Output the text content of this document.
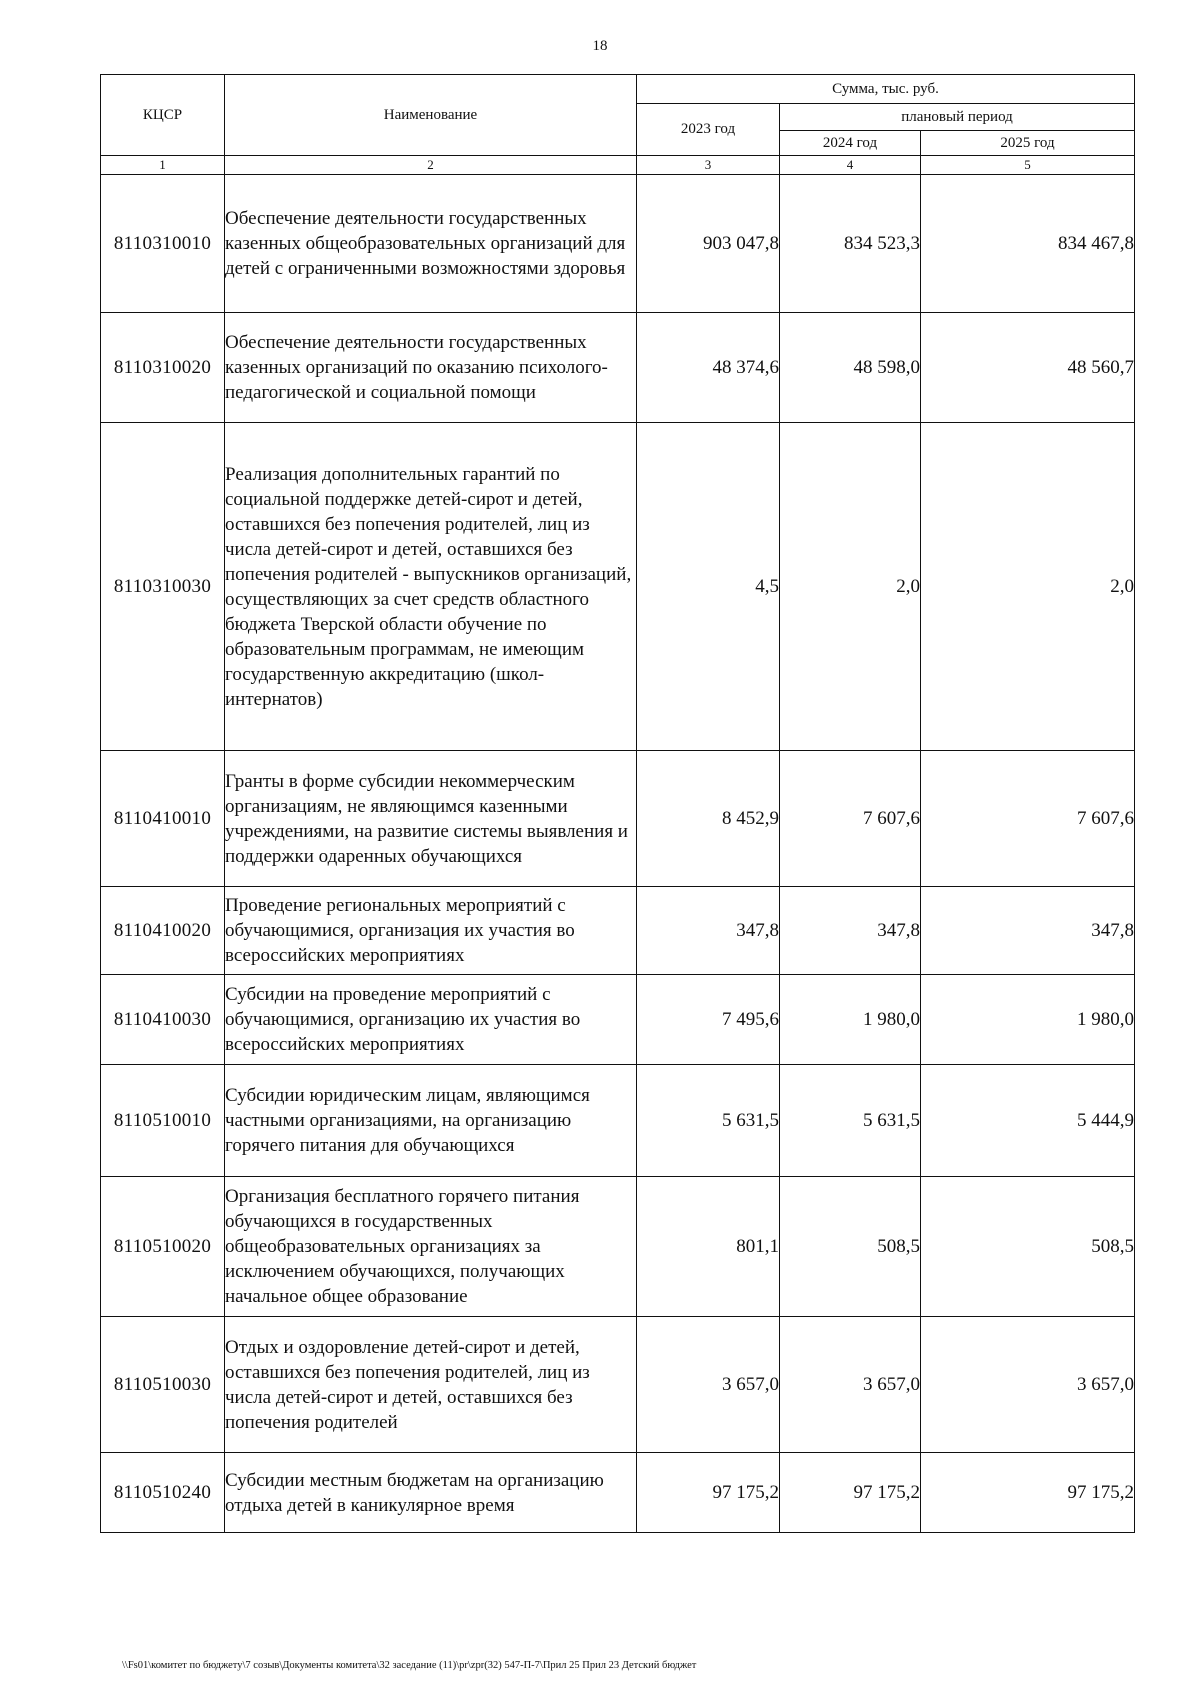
18
КЦСР	Наименование	Сумма, тыс. руб.		
		2023 год	плановый период	
			2024 год	2025 год
1	2	3	4	5
8110310010	Обеспечение деятельности государственных казенных общеобразовательных организаций для детей с ограниченными возможностями здоровья	903 047,8	834 523,3	834 467,8
8110310020	Обеспечение деятельности государственных казенных организаций по оказанию психолого-педагогической и социальной помощи	48 374,6	48 598,0	48 560,7
8110310030	Реализация дополнительных гарантий по социальной поддержке детей-сирот и детей, оставшихся без попечения родителей, лиц из числа детей-сирот и детей, оставшихся без попечения родителей - выпускников организаций, осуществляющих за счет средств областного бюджета Тверской области обучение по образовательным программам, не имеющим государственную аккредитацию (школ-интернатов)	4,5	2,0	2,0
8110410010	Гранты в форме субсидии некоммерческим организациям, не являющимся казенными учреждениями, на развитие системы выявления и поддержки одаренных обучающихся	8 452,9	7 607,6	7 607,6
8110410020	Проведение региональных мероприятий с обучающимися, организация их участия во всероссийских мероприятиях	347,8	347,8	347,8
8110410030	Субсидии на проведение мероприятий с обучающимися, организацию их участия во всероссийских мероприятиях	7 495,6	1 980,0	1 980,0
8110510010	Субсидии юридическим лицам, являющимся частными организациями, на организацию горячего питания для обучающихся	5 631,5	5 631,5	5 444,9
8110510020	Организация бесплатного горячего питания обучающихся в государственных общеобразовательных организациях за исключением обучающихся, получающих начальное общее образование	801,1	508,5	508,5
8110510030	Отдых и оздоровление детей-сирот и детей, оставшихся без попечения родителей, лиц из числа детей-сирот и детей, оставшихся без попечения родителей	3 657,0	3 657,0	3 657,0
8110510240	Субсидии местным бюджетам на организацию отдыха детей в каникулярное время	97 175,2	97 175,2	97 175,2
\\Fs01\комитет по бюджету\7 созыв\Документы комитета\32 заседание (11)\pr\zpr(32) 547-П-7\Прил 25 Прил 23 Детский бюджет
